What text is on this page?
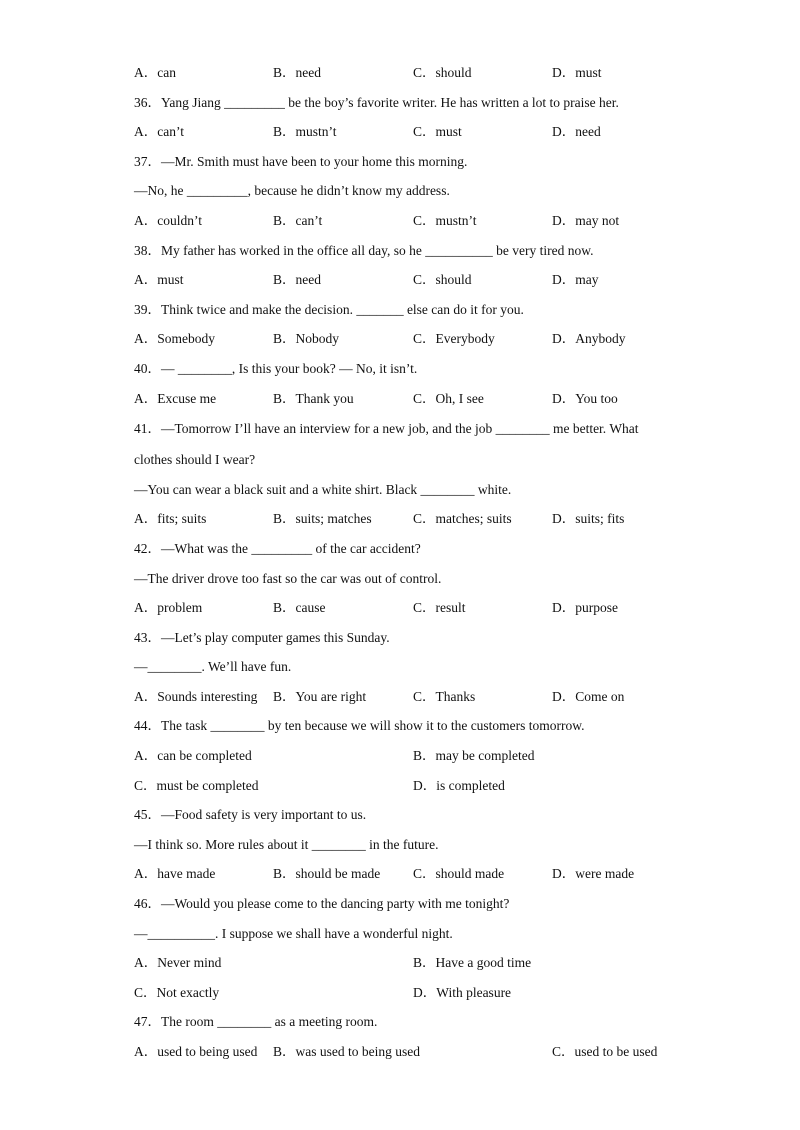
A．can	B．need	C．should	D．must
36．Yang Jiang _________ be the boy’s favorite writer. He has written a lot to praise her.
A．can’t	B．mustn’t	C．must	D．need
37．—Mr. Smith must have been to your home this morning.
—No, he _________, because he didn’t know my address.
A．couldn’t	B．can’t	C．mustn’t	D．may not
38．My father has worked in the office all day, so he __________ be very tired now.
A．must	B．need	C．should	D．may
39．Think twice and make the decision. _______ else can do it for you.
A．Somebody	B．Nobody	C．Everybody	D．Anybody
40．— ________, Is this your book? — No, it isn’t.
A．Excuse me	B．Thank you	C．Oh, I see	D．You too
41．—Tomorrow I’ll have an interview for a new job, and the job ________ me better. What
clothes should I wear?
—You can wear a black suit and a white shirt. Black ________ white.
A．fits; suits	B．suits; matches	C．matches; suits	D．suits; fits
42．—What was the _________ of the car accident?
—The driver drove too fast so the car was out of control.
A．problem	B．cause	C．result	D．purpose
43．—Let’s play computer games this Sunday.
—________. We’ll have fun.
A．Sounds interesting B．You are right	C．Thanks	D．Come on
44．The task ________ by ten because we will show it to the customers tomorrow.
A．can be completed	B．may be completed
C．must be completed	D．is completed
45．—Food safety is very important to us.
—I think so. More rules about it ________ in the future.
A．have made	B．should be made C．should made	D．were made
46．—Would you please come to the dancing party with me tonight?
—__________. I suppose we shall have a wonderful night.
A．Never mind	B．Have a good time
C．Not exactly	D．With pleasure
47．The room ________ as a meeting room.
A．used to being used B．was used to being used	C．used to be used
